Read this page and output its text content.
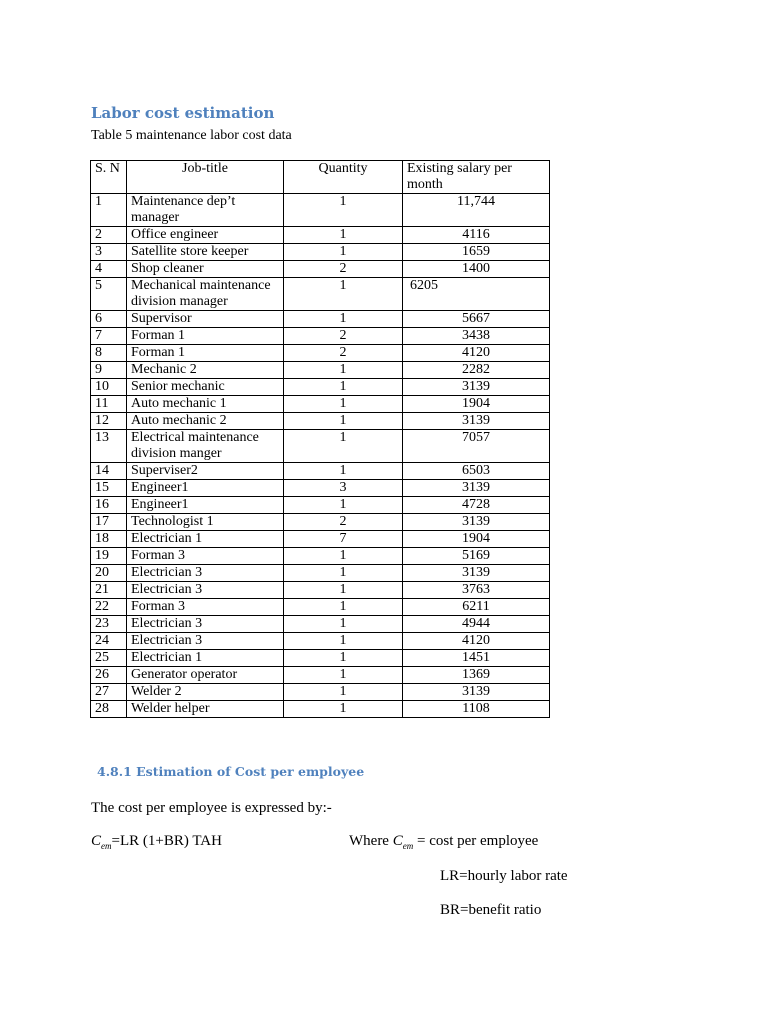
Labor cost estimation

Table 5 maintenance labor cost data

S. N	Job-title	Quantity	Existing salary per month
1	Maintenance dep’t manager	1	11,744
2	Office engineer	1	4116
3	Satellite store keeper	1	1659
4	Shop cleaner	2	1400
5	Mechanical maintenance division manager	1	6205
6	Supervisor	1	5667
7	Forman 1	2	3438
8	Forman 1	2	4120
9	Mechanic 2	1	2282
10	Senior mechanic	1	3139
11	Auto mechanic 1	1	1904
12	Auto mechanic 2	1	3139
13	Electrical maintenance division manger	1	7057
14	Superviser2	1	6503
15	Engineer1	3	3139
16	Engineer1	1	4728
17	Technologist 1	2	3139
18	Electrician 1	7	1904
19	Forman 3	1	5169
20	Electrician 3	1	3139
21	Electrician 3	1	3763
22	Forman 3	1	6211
23	Electrician 3	1	4944
24	Electrician 3	1	4120
25	Electrician 1	1	1451
26	Generator operator	1	1369
27	Welder 2	1	3139
28	Welder helper	1	1108
4.8.1 Estimation of Cost per employee

The cost per employee is expressed by:-

$C_{em}=LR$ (1+BR) TAH	Where $C_{em} = \cos t$ per employee

LR=hourly labor rate

BR=benefit ratio
